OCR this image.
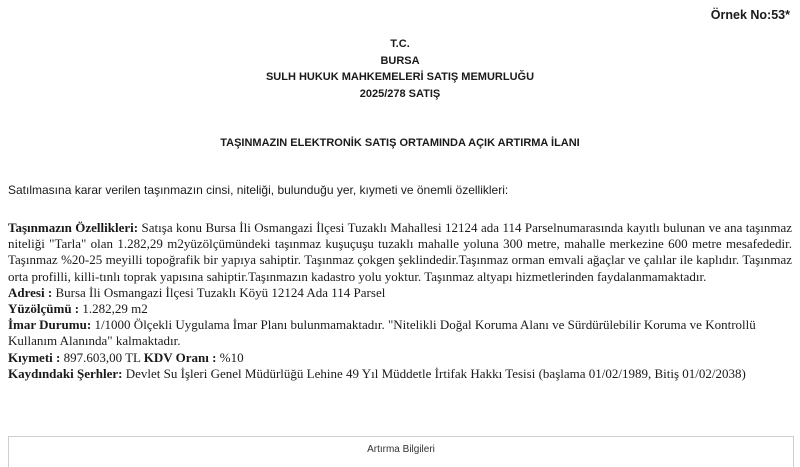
Örnek No:53*
T.C.
BURSA
SULH HUKUK MAHKEMELERİ SATIŞ MEMURLUĞU
2025/278 SATIŞ
TAŞINMAZIN ELEKTRONİK SATIŞ ORTAMINDA AÇIK ARTIRMA İLANI
Satılmasına karar verilen taşınmazın cinsi, niteliği, bulunduğu yer, kıymeti ve önemli özellikleri:

Taşınmazın Özellikleri: Satışa konu Bursa İli Osmangazi İlçesi Tuzaklı Mahallesi 12124 ada 114 Parselnumarasında kayıtlı bulunan ve ana taşınmaz niteliği "Tarla" olan 1.282,29 m2yüzölçümündeki taşınmaz kuşuçuşu tuzaklı mahalle yoluna 300 metre, mahalle merkezine 600 metre mesafededir. Taşınmaz %20-25 meyilli topoğrafik bir yapıya sahiptir. Taşınmaz çokgen şeklindedir.Taşınmaz orman emvali ağaçlar ve çalılar ile kaplıdır. Taşınmaz orta profilli, killi-tınlı toprak yapısına sahiptir.Taşınmazın kadastro yolu yoktur. Taşınmaz altyapı hizmetlerinden faydalanmamaktadır.

Adresi : Bursa İli Osmangazi İlçesi Tuzaklı Köyü 12124 Ada 114 Parsel

Yüzölçümü : 1.282,29 m2

İmar Durumu: 1/1000 Ölçekli Uygulama İmar Planı bulunmamaktadır. "Nitelikli Doğal Koruma Alanı ve Sürdürülebilir Koruma ve Kontrollü Kullanım Alanında" kalmaktadır.

Kıymeti : 897.603,00 TL KDV Oranı : %10

Kaydındaki Şerhler: Devlet Su İşleri Genel Müdürlüğü Lehine 49 Yıl Müddetle İrtifak Hakkı Tesisi (başlama 01/02/1989, Bitiş 01/02/2038)

Artırma Bilgileri
